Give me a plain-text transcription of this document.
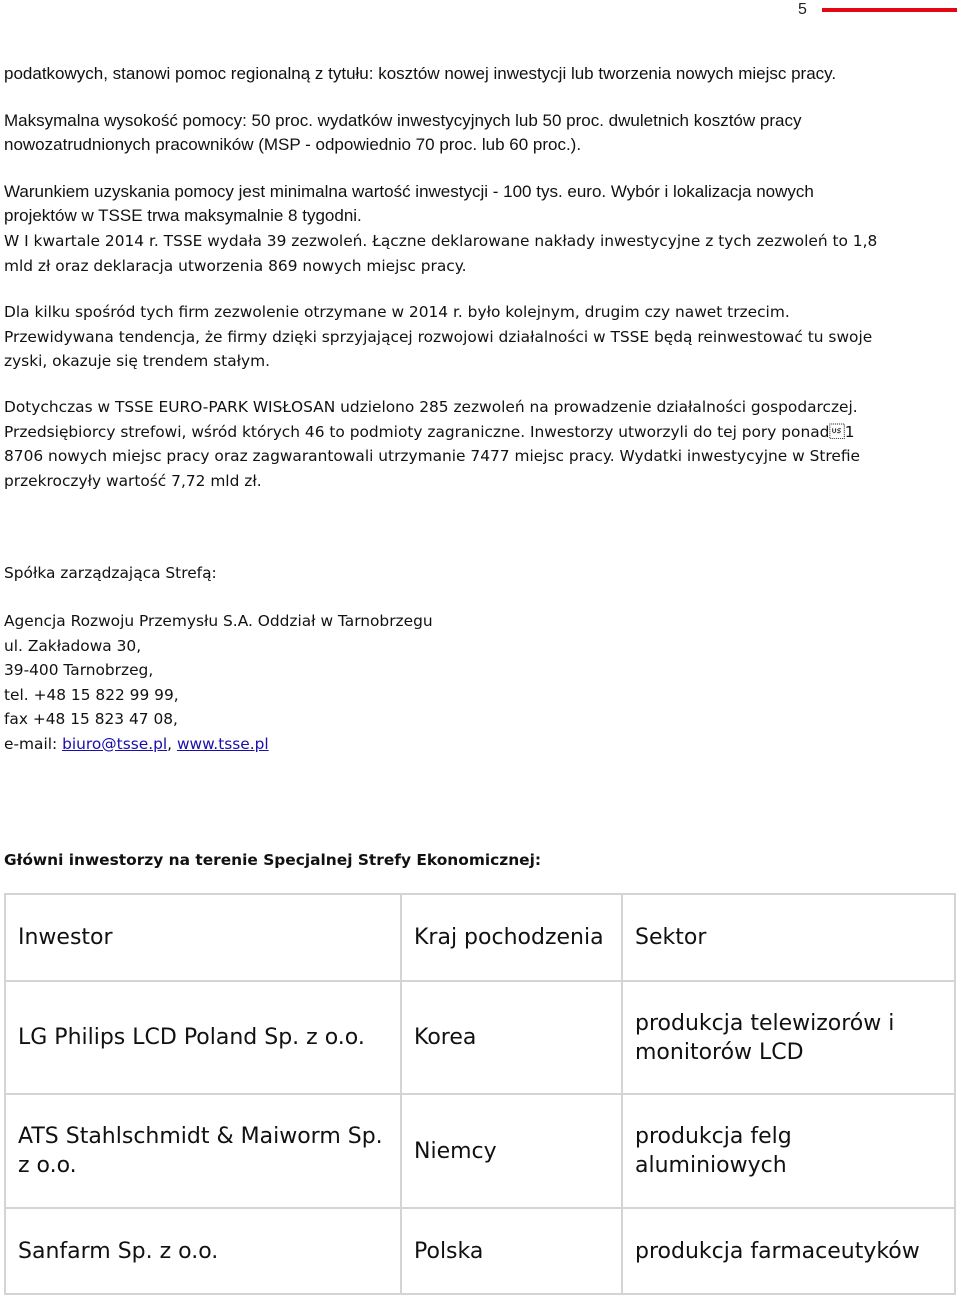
5

podatkowych, stanowi pomoc regionalną z tytułu: kosztów nowej inwestycji lub tworzenia nowych miejsc pracy.

Maksymalna wysokość pomocy: 50 proc. wydatków inwestycyjnych lub 50 proc. dwuletnich kosztów pracy
nowozatrudnionych pracowników (MSP - odpowiednio 70 proc. lub 60 proc.).

Warunkiem uzyskania pomocy jest minimalna wartość inwestycji - 100 tys. euro. Wybór i lokalizacja nowych
projektów w TSSE trwa maksymalnie 8 tygodni.

W I kwartale 2014 r. TSSE wydała 39 zezwoleń. Łączne deklarowane nakłady inwestycyjne z tych zezwoleń to 1,8
mld zł oraz deklaracja utworzenia 869 nowych miejsc pracy.

Dla kilku spośród tych firm zezwolenie otrzymane w 2014 r. było kolejnym, drugim czy nawet trzecim.
Przewidywana tendencja, że firmy dzięki sprzyjającej rozwojowi działalności w TSSE będą reinwestować tu swoje
zyski, okazuje się trendem stałym.

Dotychczas w TSSE EURO-PARK WISŁOSAN udzielono 285 zezwoleń na prowadzenie działalności gospodarczej.
Przedsiębiorcy strefowi, wśród których 46 to podmioty zagraniczne. Inwestorzy utworzyli do tej pory ponad1
8706 nowych miejsc pracy oraz zagwarantowali utrzymanie 7477 miejsc pracy. Wydatki inwestycyjne w Strefie
przekroczyły wartość 7,72 mld zł.

Spółka zarządzająca Strefą:

Agencja Rozwoju Przemysłu S.A. Oddział w Tarnobrzegu
ul. Zakładowa 30,
39-400 Tarnobrzeg,
tel. +48 15 822 99 99,
fax +48 15 823 47 08,
e-mail: biuro@tsse.pl, www.tsse.pl

Główni inwestorzy na terenie Specjalnej Strefy Ekonomicznej:

Inwestor	Kraj pochodzenia	Sektor

LG Philips LCD Poland Sp. z o.o.	Korea	produkcja telewizorów i
monitorów LCD

ATS Stahlschmidt & Maiworm Sp.
z o.o.	Niemcy	produkcja felg
aluminiowych

Sanfarm Sp. z o.o.	Polska	produkcja farmaceutyków
